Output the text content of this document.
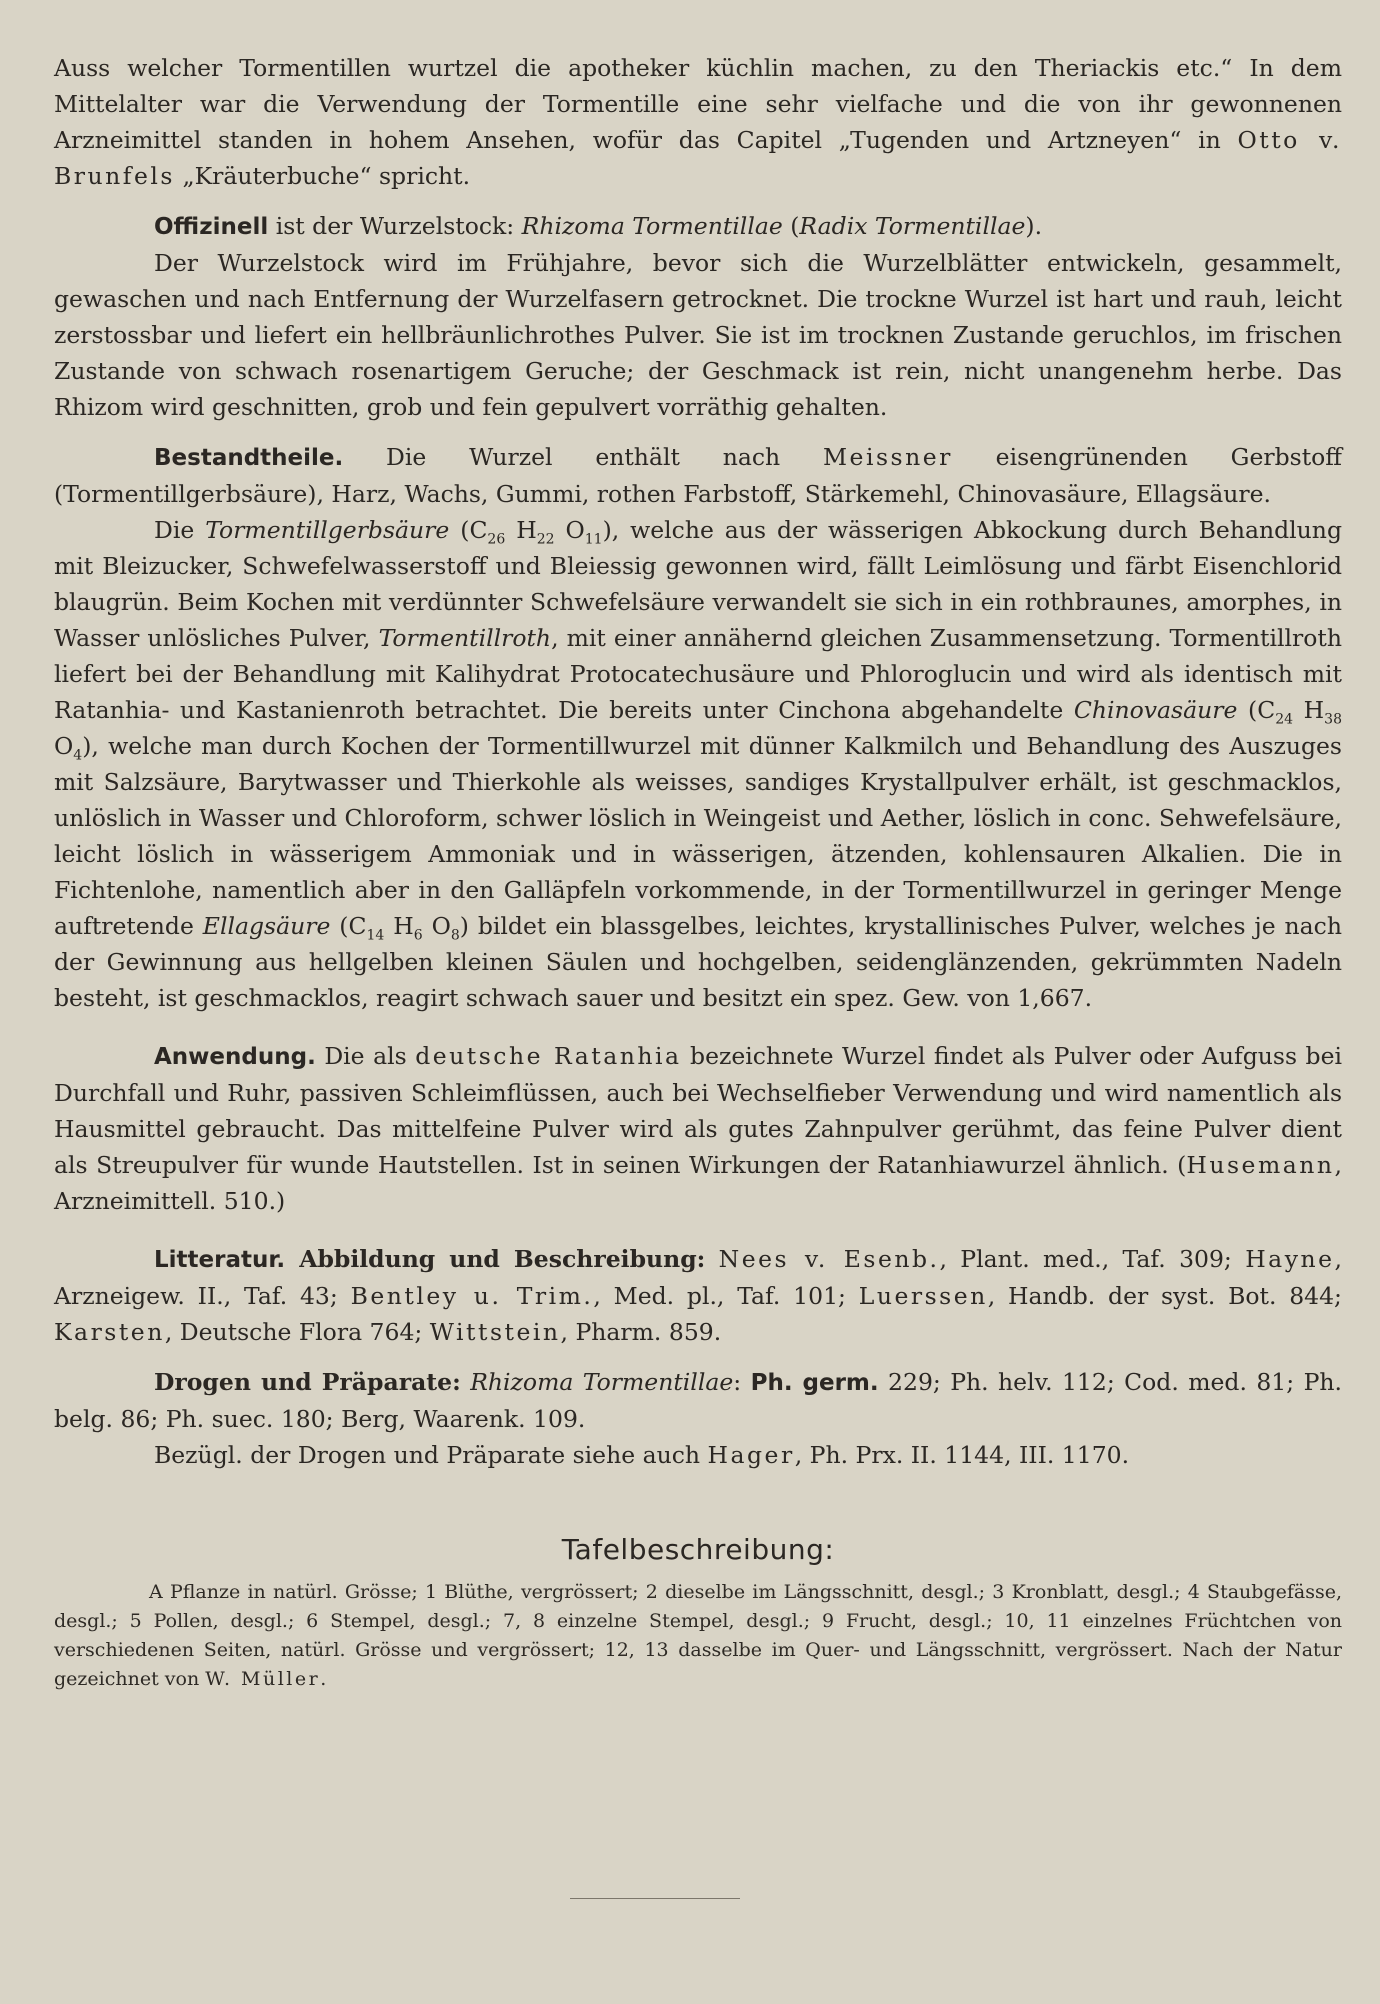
Auss welcher Tormentillen wurtzel die apotheker küchlin machen, zu den Theriackis etc.“ In dem Mittelalter war die Verwendung der Tormentille eine sehr vielfache und die von ihr gewonnenen Arzneimittel standen in hohem Ansehen, wofür das Capitel „Tugenden und Artzneyen“ in Otto v. Brunfels „Kräuterbuche“ spricht.

Offizinell ist der Wurzelstock: Rhizoma Tormentillae (Radix Tormentillae).

Der Wurzelstock wird im Frühjahre, bevor sich die Wurzelblätter entwickeln, gesammelt, gewaschen und nach Entfernung der Wurzelfasern getrocknet. Die trockne Wurzel ist hart und rauh, leicht zerstossbar und liefert ein hellbräunlichrothes Pulver. Sie ist im trocknen Zustande geruchlos, im frischen Zustande von schwach rosenartigem Geruche; der Geschmack ist rein, nicht unangenehm herbe. Das Rhizom wird geschnitten, grob und fein gepulvert vorräthig gehalten.

Bestandtheile. Die Wurzel enthält nach Meissner eisengrünenden Gerbstoff (Tormentillgerbsäure), Harz, Wachs, Gummi, rothen Farbstoff, Stärkemehl, Chinovasäure, Ellagsäure.

Die Tormentillgerbsäure ($C_{26}$ $H_{22}$ $O_{11}$), welche aus der wässerigen Abkockung durch Behandlung mit Bleizucker, Schwefelwasserstoff und Bleiessig gewonnen wird, fällt Leimlösung und färbt Eisenchlorid blaugrün. Beim Kochen mit verdünnter Schwefelsäure verwandelt sie sich in ein rothbraunes, amorphes, in Wasser unlösliches Pulver, Tormentillroth, mit einer annähernd gleichen Zusammensetzung. Tormentillroth liefert bei der Behandlung mit Kalihydrat Protocatechusäure und Phloroglucin und wird als identisch mit Ratanhia- und Kastanienroth betrachtet. Die bereits unter Cinchona abgehandelte Chinovasäure ($C_{24}$ $H_{38}$ $O_4$), welche man durch Kochen der Tormentillwurzel mit dünner Kalkmilch und Behandlung des Auszuges mit Salzsäure, Barytwasser und Thierkohle als weisses, sandiges Krystallpulver erhält, ist geschmacklos, unlöslich in Wasser und Chloroform, schwer löslich in Weingeist und Aether, löslich in conc. Sehwefelsäure, leicht löslich in wässerigem Ammoniak und in wässerigen, ätzenden, kohlensauren Alkalien. Die in Fichtenlohe, namentlich aber in den Galläpfeln vorkommende, in der Tormentillwurzel in geringer Menge auftretende Ellagsäure ($C_{14}$ $H_6$ $O_8$) bildet ein blassgelbes, leichtes, krystallinisches Pulver, welches je nach der Gewinnung aus hellgelben kleinen Säulen und hochgelben, seidenglänzenden, gekrümmten Nadeln besteht, ist geschmacklos, reagirt schwach sauer und besitzt ein spez. Gew. von 1,667.

Anwendung. Die als deutsche Ratanhia bezeichnete Wurzel findet als Pulver oder Aufguss bei Durchfall und Ruhr, passiven Schleimflüssen, auch bei Wechselfieber Verwendung und wird namentlich als Hausmittel gebraucht. Das mittelfeine Pulver wird als gutes Zahnpulver gerühmt, das feine Pulver dient als Streupulver für wunde Hautstellen. Ist in seinen Wirkungen der Ratanhiawurzel ähnlich. (Husemann, Arzneimittell. 510.)

Litteratur. Abbildung und Beschreibung: Nees v. Esenb., Plant. med., Taf. 309; Hayne, Arzneigew. II., Taf. 43; Bentley u. Trim., Med. pl., Taf. 101; Luerssen, Handb. der syst. Bot. 844; Karsten, Deutsche Flora 764; Wittstein, Pharm. 859.

Drogen und Präparate: Rhizoma Tormentillae: Ph. germ. 229; Ph. helv. 112; Cod. med. 81; Ph. belg. 86; Ph. suec. 180; Berg, Waarenk. 109.

Bezügl. der Drogen und Präparate siehe auch Hager, Ph. Prx. II. 1144, III. 1170.

Tafelbeschreibung:

A Pflanze in natürl. Grösse; 1 Blüthe, vergrössert; 2 dieselbe im Längsschnitt, desgl.; 3 Kronblatt, desgl.; 4 Staubgefässe, desgl.; 5 Pollen, desgl.; 6 Stempel, desgl.; 7, 8 einzelne Stempel, desgl.; 9 Frucht, desgl.; 10, 11 einzelnes Früchtchen von verschiedenen Seiten, natürl. Grösse und vergrössert; 12, 13 dasselbe im Quer- und Längsschnitt, vergrössert. Nach der Natur gezeichnet von W. Müller.
